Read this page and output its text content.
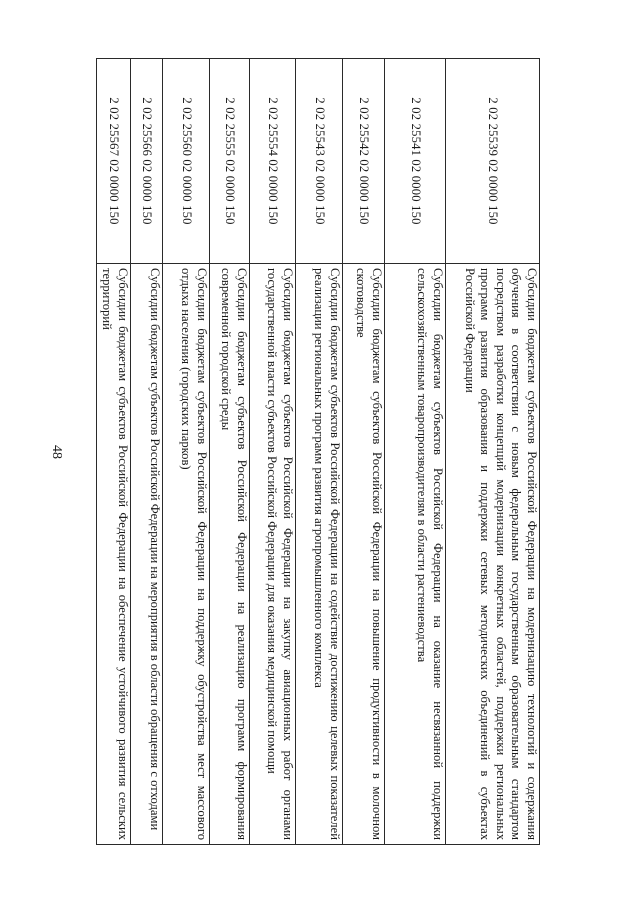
48
2 02 25539 02 0000 150	Субсидии бюджетам субъектов Российской Федерации на модернизацию технологий и содержания обучения в соответствии с новым федеральным государственным образовательным стандартом посредством разработки концепций модернизации конкретных областей, поддержки региональных программ развития образования и поддержки сетевых методических объединений в субъектах Российской Федерации
2 02 25541 02 0000 150	Субсидии бюджетам субъектов Российской Федерации на оказание несвязанной поддержки сельскохозяйственным товаропроизводителям в области растениеводства
2 02 25542 02 0000 150	Субсидии бюджетам субъектов Российской Федерации на повышение продуктивности в молочном скотоводстве
2 02 25543 02 0000 150	Субсидии бюджетам субъектов Российской Федерации на содействие достижению целевых показателей реализации региональных программ развития агропромышленного комплекса
2 02 25554 02 0000 150	Субсидии бюджетам субъектов Российской Федерации на закупку авиационных работ органами государственной власти субъектов Российской Федерации для оказания медицинской помощи
2 02 25555 02 0000 150	Субсидии бюджетам субъектов Российской Федерации на реализацию программ формирования современной городской среды
2 02 25560 02 0000 150	Субсидии бюджетам субъектов Российской Федерации на поддержку обустройства мест массового отдыха населения (городских парков)
2 02 25566 02 0000 150	Субсидии бюджетам субъектов Российской Федерации на мероприятия в области обращения с отходами
2 02 25567 02 0000 150	Субсидии бюджетам субъектов Российской Федерации на обеспечение устойчивого развития сельских территорий
